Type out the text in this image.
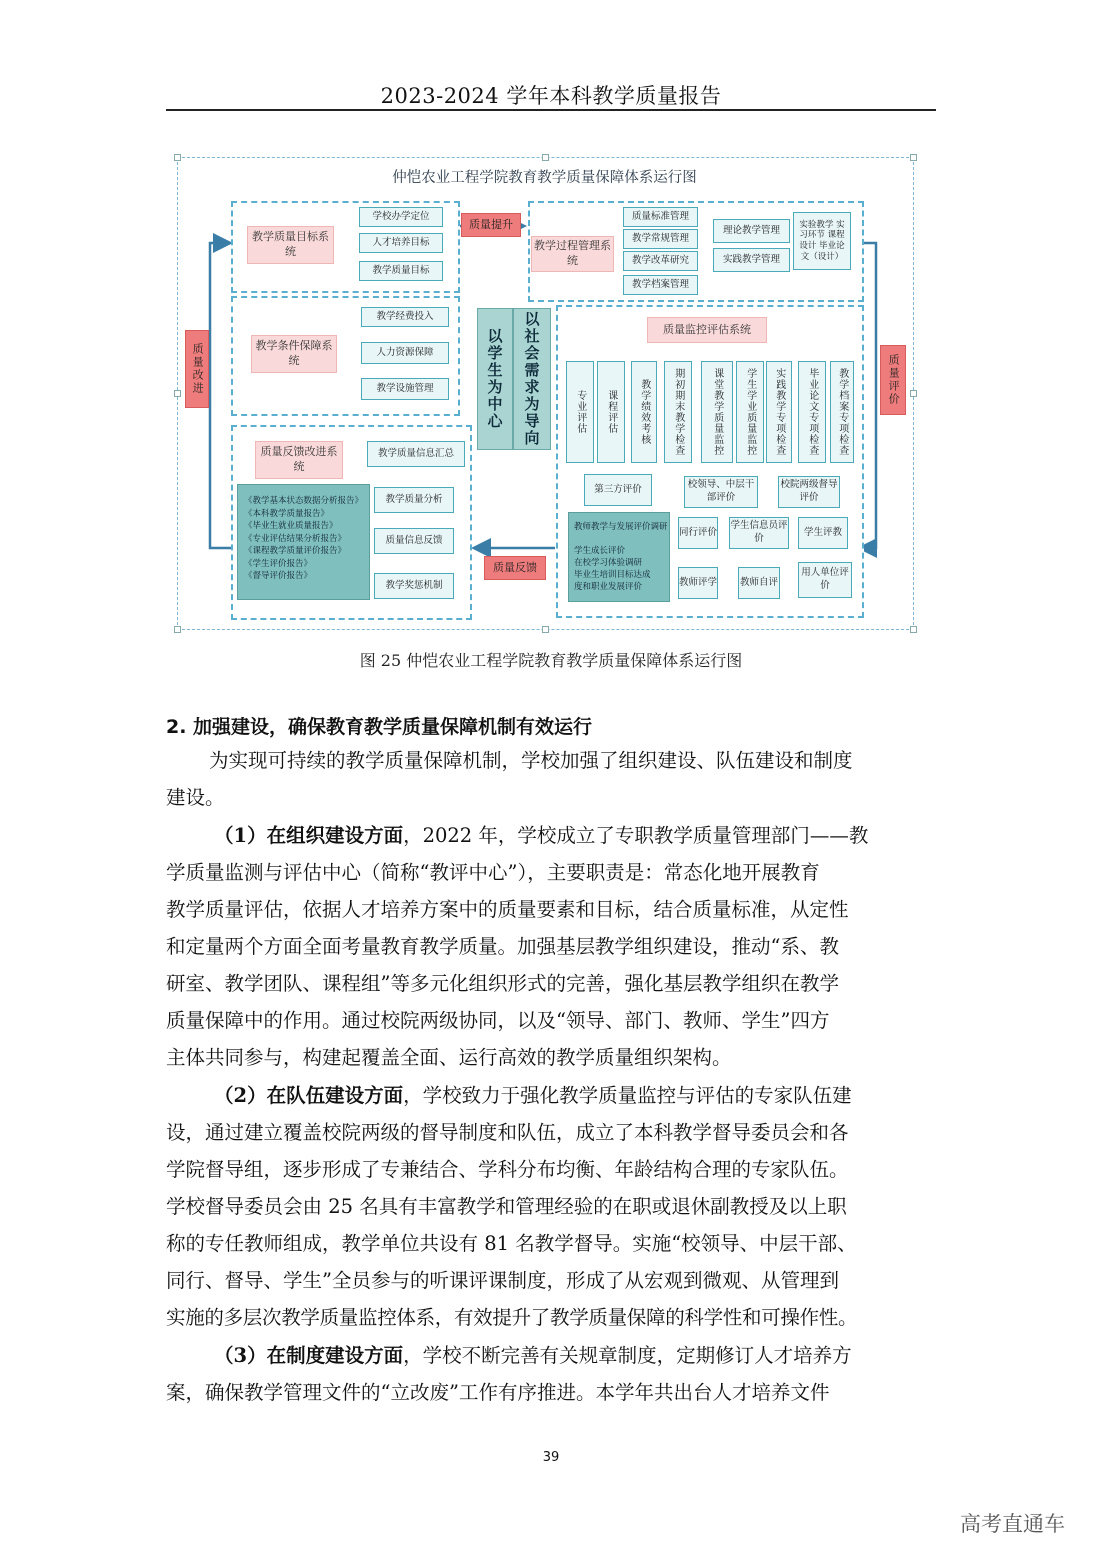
2023-2024 学年本科教学质量报告
仲恺农业工程学院教育教学质量保障体系运行图
质量改进	质量评价
质量提升
质量反馈
教学质量目标系统
学校办学定位
人才培养目标
教学质量目标
教学过程管理系统
质量标准管理
教学常规管理
教学改革研究
教学档案管理
理论教学管理
实践教学管理
实验教学 实习环节 课程设计 毕业论文（设计）
教学条件保障系统
教学经费投入
人力资源保障
教学设施管理	以学生为中心	以社会需求为导向	质量监控评估系统
专业评估	课程评估	教学绩效考核	期初期末教学检查	课堂教学质量监控	学生学业质量监控	实践教学专项检查	毕业论文专项检查	教学档案专项检查
第三方评价
教师教学与发展评价调研
学生成长评价
在校学习体验调研
毕业生培训目标达成
度和职业发展评价
校领导、中层干部评价
校院两级督导评价
同行评价
学生信息员评价
学生评教
教师评学 教师自评
用人单位评价
质量反馈改进系统
《教学基本状态数据分析报告》
《本科教学质量报告》
《毕业生就业质量报告》
《专业评估结果分析报告》
《课程教学质量评价报告》
《学生评价报告》
《督导评价报告》
教学质量信息汇总
教学质量分析
质量信息反馈
教学奖惩机制
图 25 仲恺农业工程学院教育教学质量保障体系运行图
2. 加强建设，确保教育教学质量保障机制有效运行
为实现可持续的教学质量保障机制，学校加强了组织建设、队伍建设和制度
建设。
（1）在组织建设方面，2022 年，学校成立了专职教学质量管理部门——教
学质量监测与评估中心（简称“教评中心”），主要职责是：常态化地开展教育
教学质量评估，依据人才培养方案中的质量要素和目标，结合质量标准，从定性
和定量两个方面全面考量教育教学质量。加强基层教学组织建设，推动“系、教
研室、教学团队、课程组”等多元化组织形式的完善，强化基层教学组织在教学
质量保障中的作用。通过校院两级协同，以及“领导、部门、教师、学生”四方
主体共同参与，构建起覆盖全面、运行高效的教学质量组织架构。
（2）在队伍建设方面，学校致力于强化教学质量监控与评估的专家队伍建
设，通过建立覆盖校院两级的督导制度和队伍，成立了本科教学督导委员会和各
学院督导组，逐步形成了专兼结合、学科分布均衡、年龄结构合理的专家队伍。
学校督导委员会由 25 名具有丰富教学和管理经验的在职或退休副教授及以上职
称的专任教师组成，教学单位共设有 81 名教学督导。实施“校领导、中层干部、
同行、督导、学生”全员参与的听课评课制度，形成了从宏观到微观、从管理到
实施的多层次教学质量监控体系，有效提升了教学质量保障的科学性和可操作性。
（3）在制度建设方面，学校不断完善有关规章制度，定期修订人才培养方
案，确保教学管理文件的“立改废”工作有序推进。本学年共出台人才培养文件
39
高考直通车
